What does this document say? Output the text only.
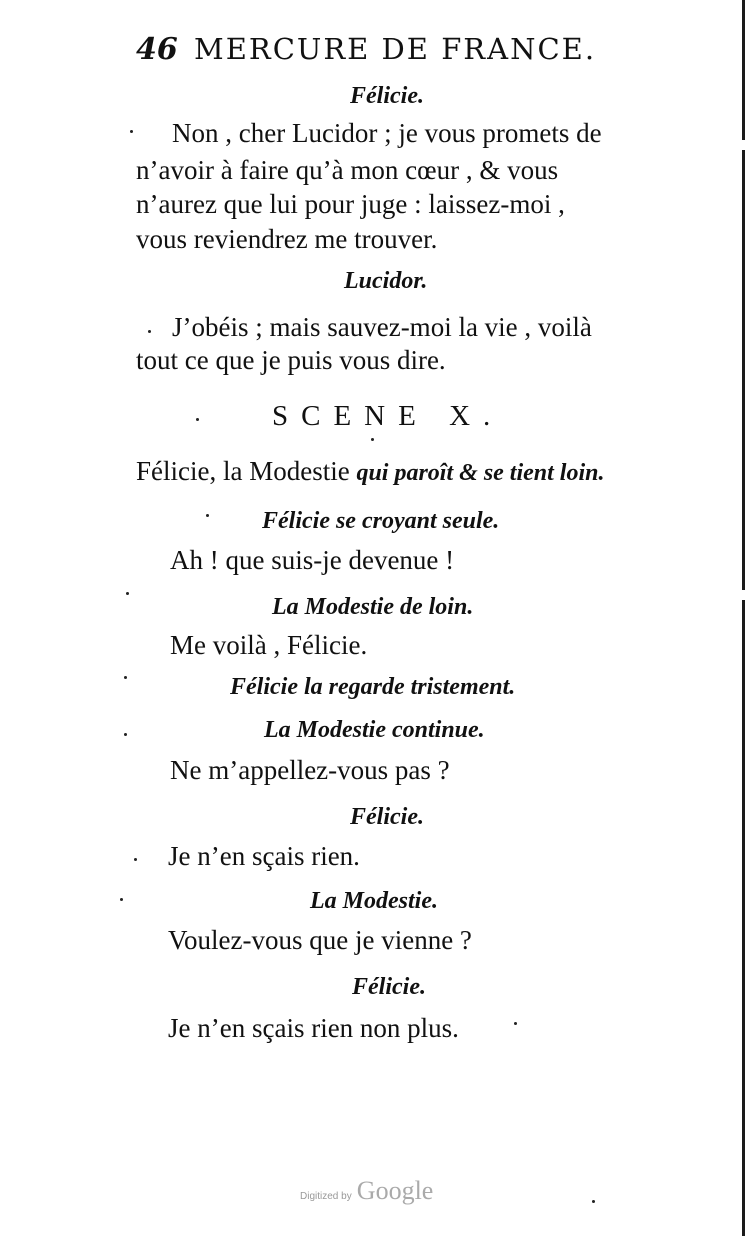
46 MERCURE DE FRANCE.
Félicie.
Non , cher Lucidor ; je vous promets de
n’avoir à faire qu’à mon cœur , & vous
n’aurez que lui pour juge : laissez-moi ,
vous reviendrez me trouver.
Lucidor.
J’obéis ; mais sauvez-moi la vie , voilà
tout ce que je puis vous dire.
SCENE X.
Félicie, la Modestie qui paroît & se tient loin.
Félicie se croyant seule.
Ah ! que suis-je devenue !
La Modestie de loin.
Me voilà , Félicie.
Félicie la regarde tristement.
La Modestie continue.
Ne m’appellez-vous pas ?
Félicie.
Je n’en sçais rien.
La Modestie.
Voulez-vous que je vienne ?
Félicie.
Je n’en sçais rien non plus.
Digitized by Google
